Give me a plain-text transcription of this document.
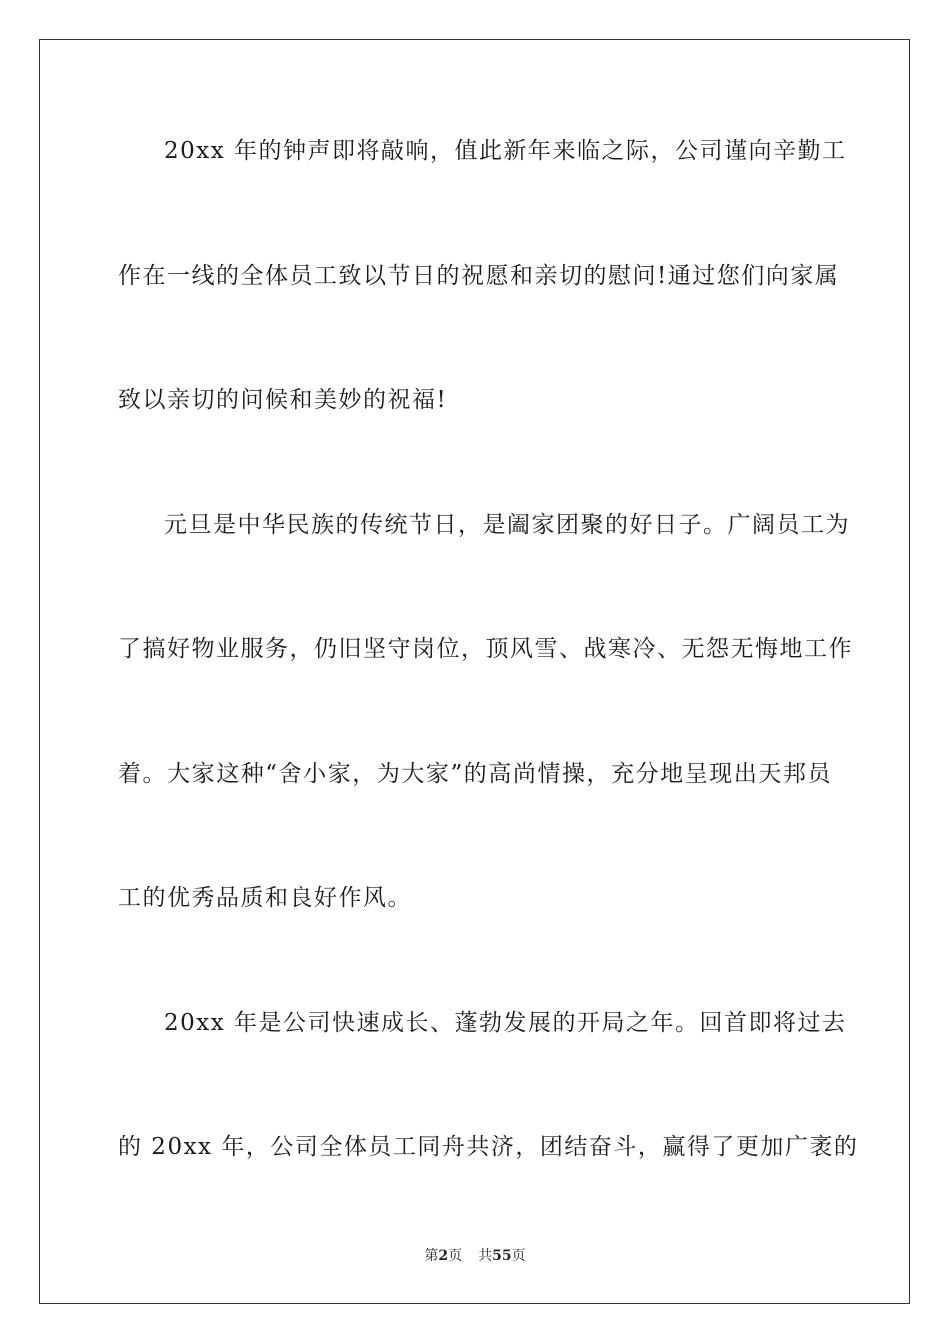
20xx 年的钟声即将敲响，值此新年来临之际，公司谨向辛勤工
作在一线的全体员工致以节日的祝愿和亲切的慰问!通过您们向家属
致以亲切的问候和美妙的祝福!
元旦是中华民族的传统节日，是阖家团聚的好日子。广阔员工为
了搞好物业服务，仍旧坚守岗位，顶风雪、战寒冷、无怨无悔地工作
着。大家这种“舍小家，为大家”的高尚情操，充分地呈现出天邦员
工的优秀品质和良好作风。
20xx 年是公司快速成长、蓬勃发展的开局之年。回首即将过去
的 20xx 年，公司全体员工同舟共济，团结奋斗，赢得了更加广袤的
第2页 共55页
